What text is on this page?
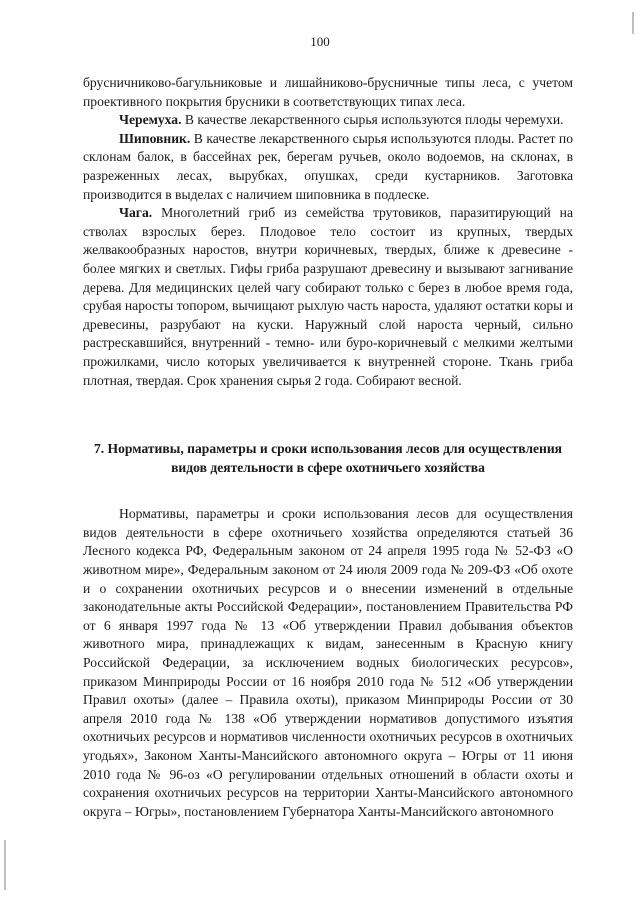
100

брусничниково-багульниковые и лишайниково-брусничные типы леса, с учетом проективного покрытия брусники в соответствующих типах леса.

Черемуха. В качестве лекарственного сырья используются плоды черемухи.

Шиповник. В качестве лекарственного сырья используются плоды. Растет по склонам балок, в бассейнах рек, берегам ручьев, около водоемов, на склонах, в разреженных лесах, вырубках, опушках, среди кустарников. Заготовка производится в выделах с наличием шиповника в подлеске.

Чага. Многолетний гриб из семейства трутовиков, паразитирующий на стволах взрослых берез. Плодовое тело состоит из крупных, твердых желвакообразных наростов, внутри коричневых, твердых, ближе к древесине - более мягких и светлых. Гифы гриба разрушают древесину и вызывают загнивание дерева. Для медицинских целей чагу собирают только с берез в любое время года, срубая наросты топором, вычищают рыхлую часть нароста, удаляют остатки коры и древесины, разрубают на куски. Наружный слой нароста черный, сильно растрескавшийся, внутренний - темно- или буро-коричневый с мелкими желтыми прожилками, число которых увеличивается к внутренней стороне. Ткань гриба плотная, твердая. Срок хранения сырья 2 года. Собирают весной.

7. Нормативы, параметры и сроки использования лесов для осуществления видов деятельности в сфере охотничьего хозяйства

Нормативы, параметры и сроки использования лесов для осуществления видов деятельности в сфере охотничьего хозяйства определяются статьей 36 Лесного кодекса РФ, Федеральным законом от 24 апреля 1995 года № 52-ФЗ «О животном мире», Федеральным законом от 24 июля 2009 года № 209-ФЗ «Об охоте и о сохранении охотничьих ресурсов и о внесении изменений в отдельные законодательные акты Российской Федерации», постановлением Правительства РФ от 6 января 1997 года № 13 «Об утверждении Правил добывания объектов животного мира, принадлежащих к видам, занесенным в Красную книгу Российской Федерации, за исключением водных биологических ресурсов», приказом Минприроды России от 16 ноября 2010 года № 512 «Об утверждении Правил охоты» (далее – Правила охоты), приказом Минприроды России от 30 апреля 2010 года № 138 «Об утверждении нормативов допустимого изъятия охотничьих ресурсов и нормативов численности охотничьих ресурсов в охотничьих угодьях», Законом Ханты-Мансийского автономного округа – Югры от 11 июня 2010 года № 96-оз «О регулировании отдельных отношений в области охоты и сохранения охотничьих ресурсов на территории Ханты-Мансийского автономного округа – Югры», постановлением Губернатора Ханты-Мансийского автономного
